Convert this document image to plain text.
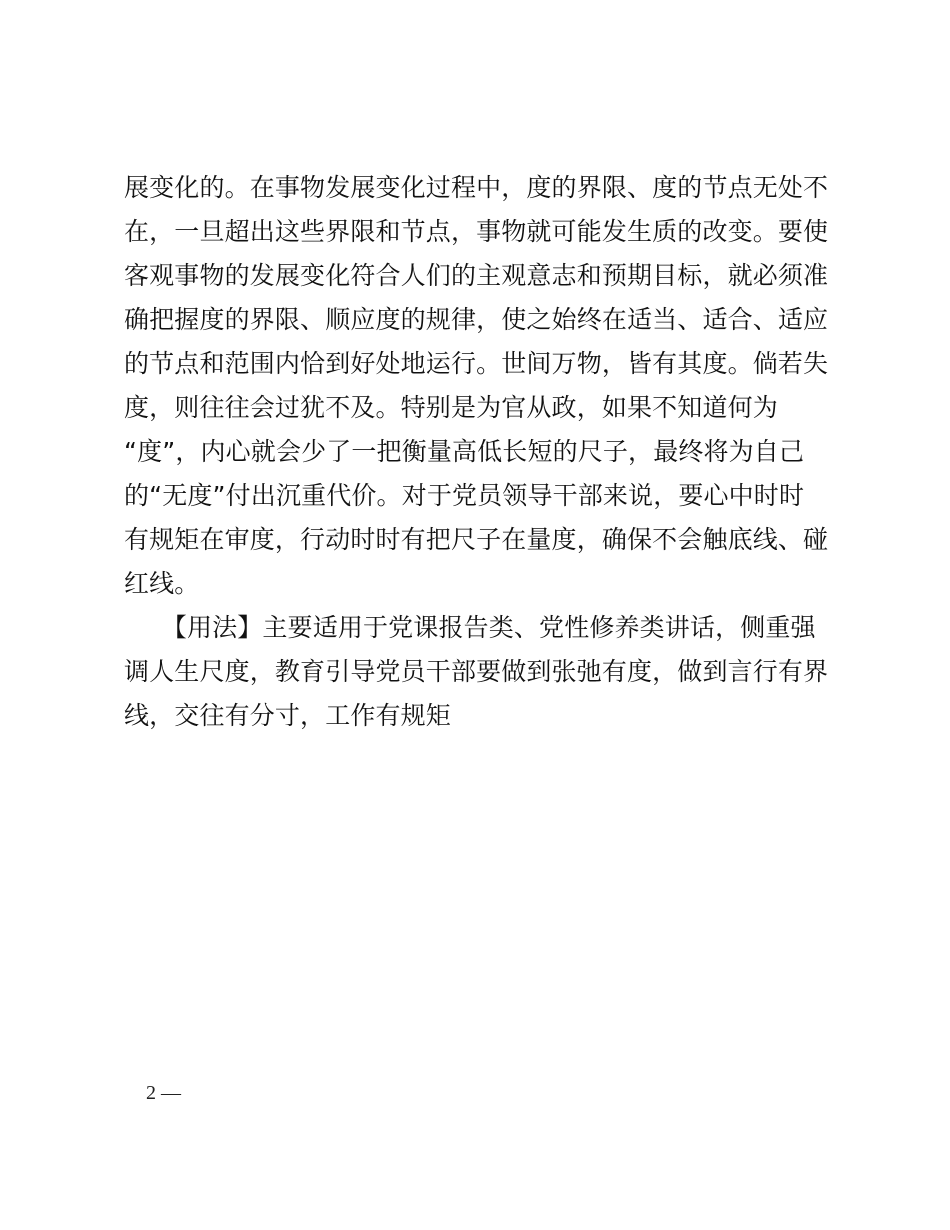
展变化的。在事物发展变化过程中，度的界限、度的节点无处不
在，一旦超出这些界限和节点，事物就可能发生质的改变。要使
客观事物的发展变化符合人们的主观意志和预期目标，就必须准
确把握度的界限、顺应度的规律，使之始终在适当、适合、适应
的节点和范围内恰到好处地运行。世间万物，皆有其度。倘若失
度，则往往会过犹不及。特别是为官从政，如果不知道何为
“度”，内心就会少了一把衡量高低长短的尺子，最终将为自己
的“无度”付出沉重代价。对于党员领导干部来说，要心中时时
有规矩在审度，行动时时有把尺子在量度，确保不会触底线、碰
红线。
　　【用法】主要适用于党课报告类、党性修养类讲话，侧重强
调人生尺度，教育引导党员干部要做到张弛有度，做到言行有界
线，交往有分寸，工作有规矩
2 —
